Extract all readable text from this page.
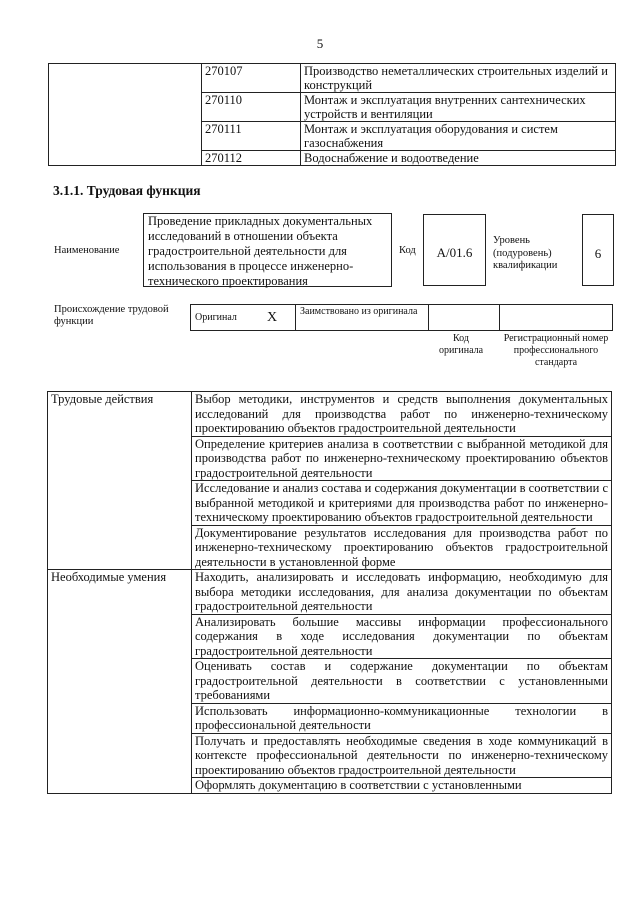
5
	270107	Производство неметаллических строительных изделий и конструкций
	270110	Монтаж и эксплуатация внутренних сантехнических устройств и вентиляции
	270111	Монтаж и эксплуатация оборудования и систем газоснабжения
	270112	Водоснабжение и водоотведение
3.1.1. Трудовая функция
Наименование
Проведение прикладных документальных исследований в отношении объекта градостроительной деятельности для использования в процессе инженерно-технического проектирования
Код	A/01.6
Уровень (подуровень) квалификации
6
Происхождение трудовой функции	Оригинал	X	Заимствовано из оригинала		
Код оригинала
Регистрационный номер профессионального стандарта
Трудовые действия	Выбор методики, инструментов и средств выполнения документальных исследований для производства работ по инженерно-техническому проектированию объектов градостроительной деятельности
	Определение критериев анализа в соответствии с выбранной методикой для производства работ по инженерно-техническому проектированию объектов градостроительной деятельности
	Исследование и анализ состава и содержания документации в соответствии с выбранной методикой и критериями для производства работ по инженерно-техническому проектированию объектов градостроительной деятельности
	Документирование результатов исследования для производства работ по инженерно-техническому проектированию объектов градостроительной деятельности в установленной форме
Необходимые умения	Находить, анализировать и исследовать информацию, необходимую для выбора методики исследования, для анализа документации по объектам градостроительной деятельности
	Анализировать большие массивы информации профессионального содержания в ходе исследования документации по объектам градостроительной деятельности
	Оценивать состав и содержание документации по объектам градостроительной деятельности в соответствии с установленными требованиями
	Использовать информационно-коммуникационные технологии в профессиональной деятельности
	Получать и предоставлять необходимые сведения в ходе коммуникаций в контексте профессиональной деятельности по инженерно-техническому проектированию объектов градостроительной деятельности
	Оформлять документацию в соответствии с установленными
